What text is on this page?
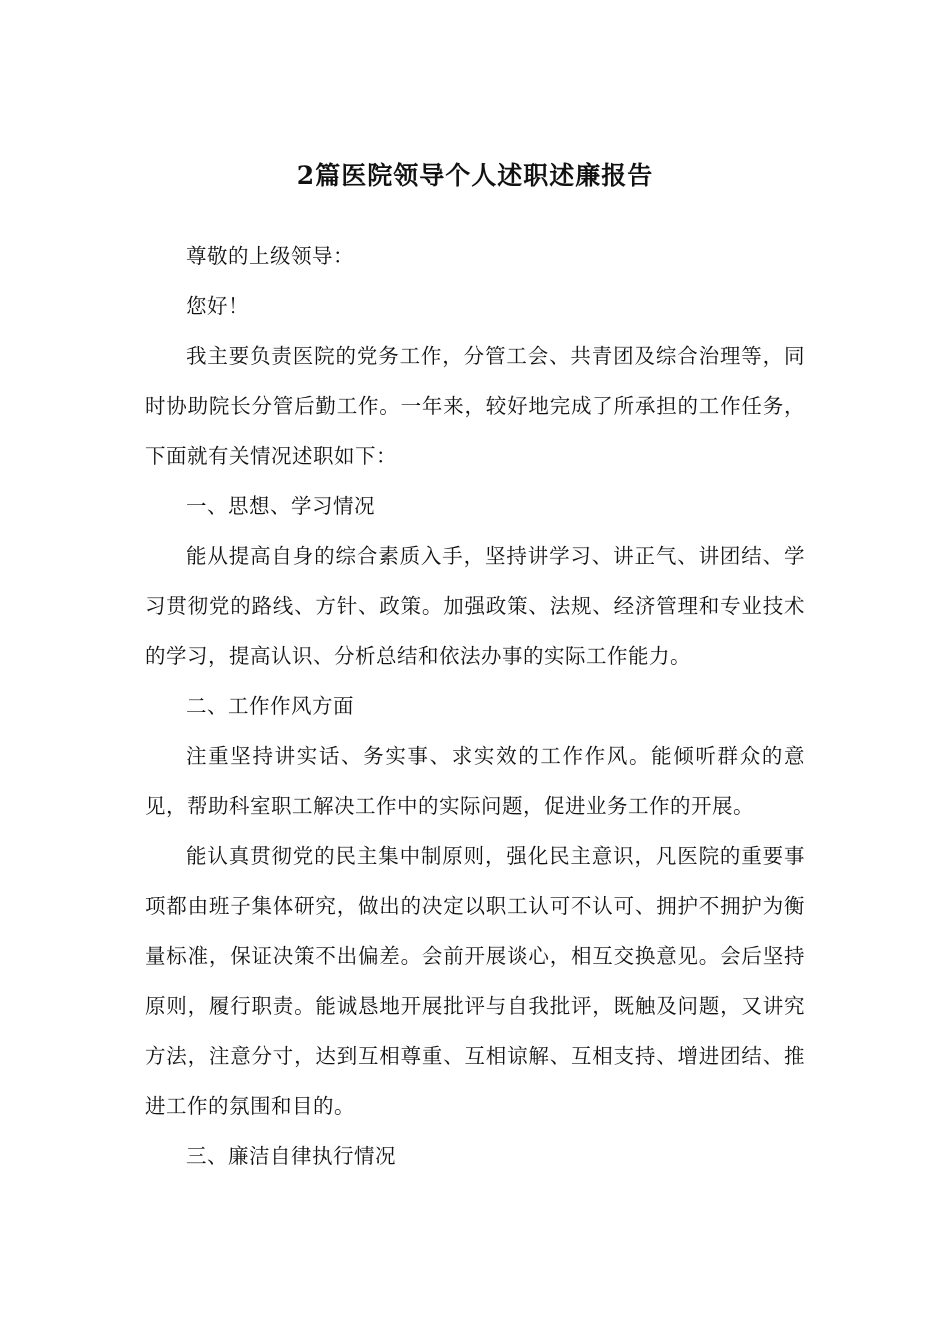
2篇医院领导个人述职述廉报告

尊敬的上级领导：

您好！

我主要负责医院的党务工作，分管工会、共青团及综合治理等，同时协助院长分管后勤工作。一年来，较好地完成了所承担的工作任务，下面就有关情况述职如下：

一、思想、学习情况

能从提高自身的综合素质入手，坚持讲学习、讲正气、讲团结、学习贯彻党的路线、方针、政策。加强政策、法规、经济管理和专业技术的学习，提高认识、分析总结和依法办事的实际工作能力。

二、工作作风方面

注重坚持讲实话、务实事、求实效的工作作风。能倾听群众的意见，帮助科室职工解决工作中的实际问题，促进业务工作的开展。

能认真贯彻党的民主集中制原则，强化民主意识，凡医院的重要事项都由班子集体研究，做出的决定以职工认可不认可、拥护不拥护为衡量标准，保证决策不出偏差。会前开展谈心，相互交换意见。会后坚持原则，履行职责。能诚恳地开展批评与自我批评，既触及问题，又讲究方法，注意分寸，达到互相尊重、互相谅解、互相支持、增进团结、推进工作的氛围和目的。

三、廉洁自律执行情况
